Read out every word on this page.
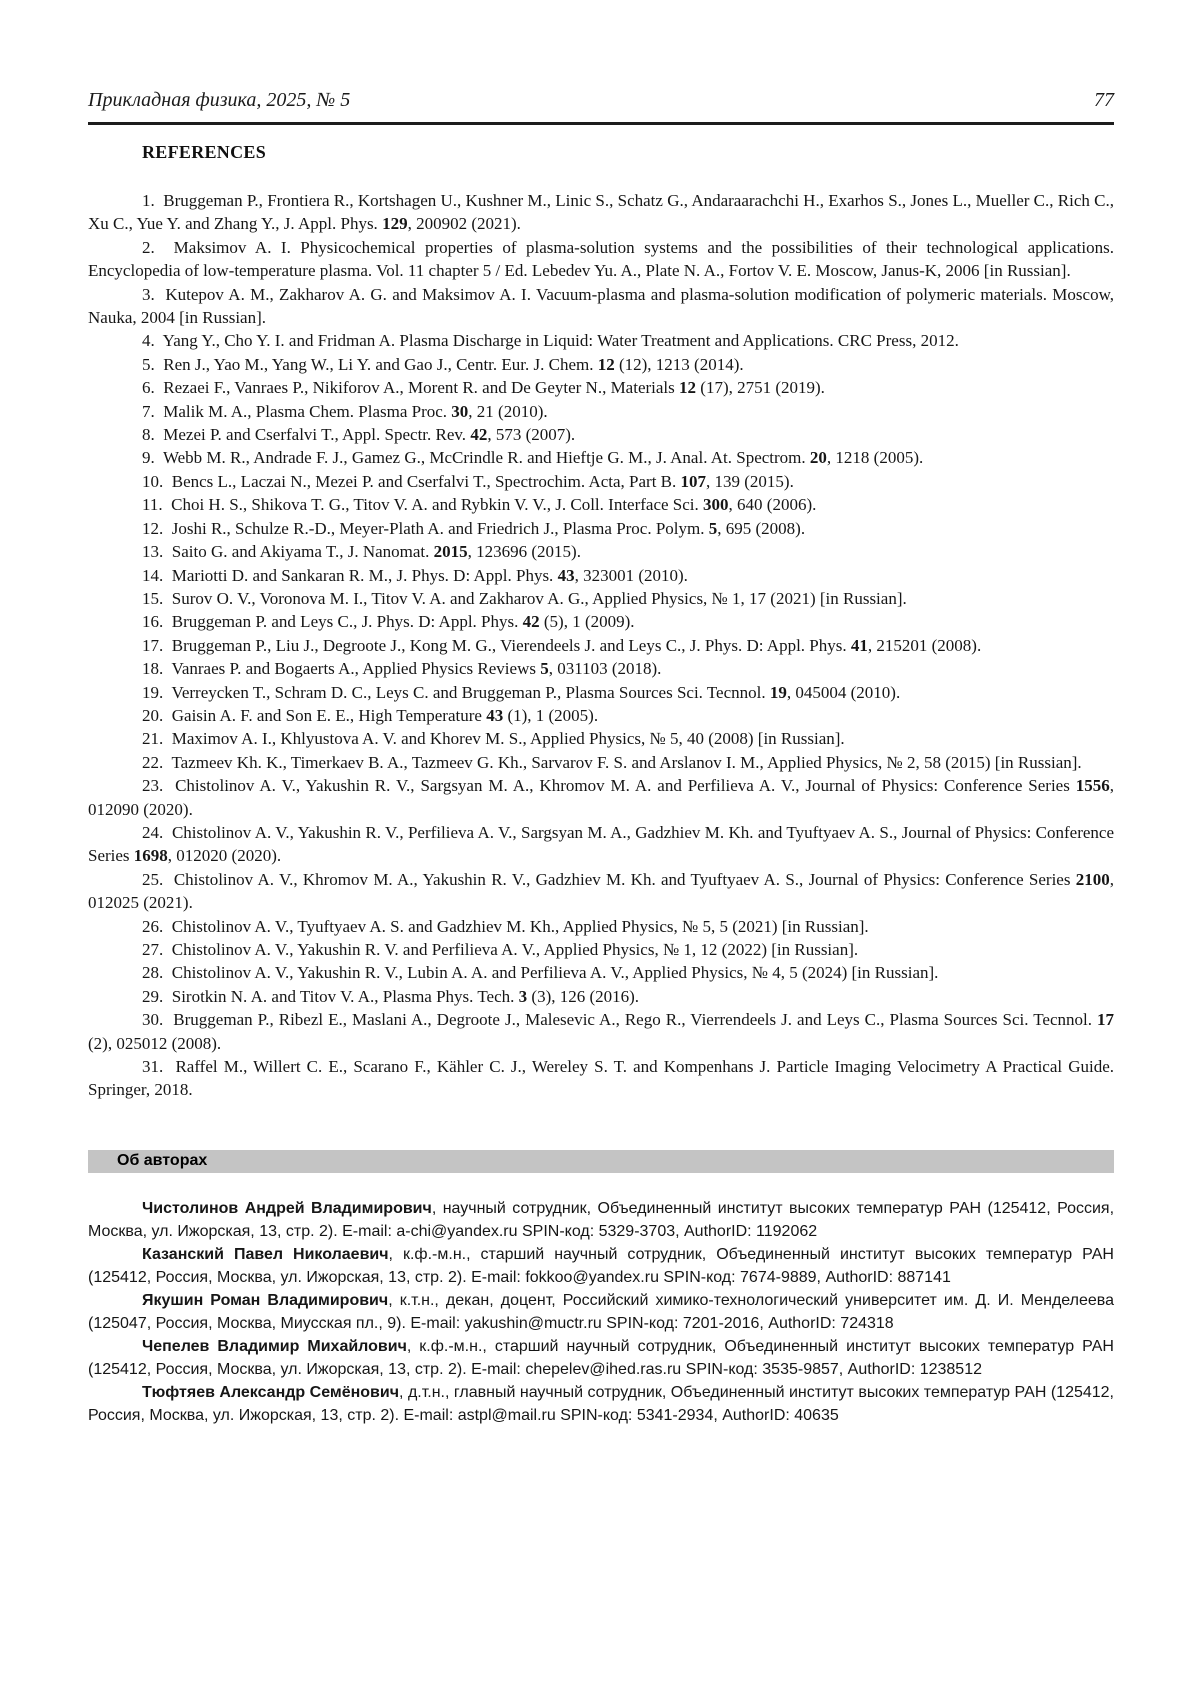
Прикладная физика, 2025, № 5	77
REFERENCES

1.  Bruggeman P., Frontiera R., Kortshagen U., Kushner M., Linic S., Schatz G., Andaraarachchi H., Exarhos S., Jones L., Mueller C., Rich C., Xu C., Yue Y. and Zhang Y., J. Appl. Phys. 129, 200902 (2021).

2.  Maksimov A. I. Physicochemical properties of plasma-solution systems and the possibilities of their technological applications. Encyclopedia of low-temperature plasma. Vol. 11 chapter 5 / Ed. Lebedev Yu. A., Plate N. A., Fortov V. E. Moscow, Janus-K, 2006 [in Russian].

3.  Kutepov A. M., Zakharov A. G. and Maksimov A. I. Vacuum-plasma and plasma-solution modification of polymeric materials. Moscow, Nauka, 2004 [in Russian].

4.  Yang Y., Cho Y. I. and Fridman A. Plasma Discharge in Liquid: Water Treatment and Applications. CRC Press, 2012.

5.  Ren J., Yao M., Yang W., Li Y. and Gao J., Centr. Eur. J. Chem. 12 (12), 1213 (2014).

6.  Rezaei F., Vanraes P., Nikiforov A., Morent R. and De Geyter N., Materials 12 (17), 2751 (2019).

7.  Malik M. A., Plasma Chem. Plasma Proc. 30, 21 (2010).

8.  Mezei P. and Cserfalvi T., Appl. Spectr. Rev. 42, 573 (2007).

9.  Webb M. R., Andrade F. J., Gamez G., McCrindle R. and Hieftje G. M., J. Anal. At. Spectrom. 20, 1218 (2005).

10.  Bencs L., Laczai N., Mezei P. and Cserfalvi T., Spectrochim. Acta, Part B. 107, 139 (2015).

11.  Choi H. S., Shikova T. G., Titov V. A. and Rybkin V. V., J. Coll. Interface Sci. 300, 640 (2006).

12.  Joshi R., Schulze R.-D., Meyer-Plath A. and Friedrich J., Plasma Proc. Polym. 5, 695 (2008).

13.  Saito G. and Akiyama T., J. Nanomat. 2015, 123696 (2015).

14.  Mariotti D. and Sankaran R. M., J. Phys. D: Appl. Phys. 43, 323001 (2010).

15.  Surov O. V., Voronova M. I., Titov V. A. and Zakharov A. G., Applied Physics, № 1, 17 (2021) [in Russian].

16.  Bruggeman P. and Leys C., J. Phys. D: Appl. Phys. 42 (5), 1 (2009).

17.  Bruggeman P., Liu J., Degroote J., Kong M. G., Vierendeels J. and Leys C., J. Phys. D: Appl. Phys. 41, 215201 (2008).

18.  Vanraes P. and Bogaerts A., Applied Physics Reviews 5, 031103 (2018).

19.  Verreycken T., Schram D. C., Leys C. and Bruggeman P., Plasma Sources Sci. Tecnnol. 19, 045004 (2010).

20.  Gaisin A. F. and Son E. E., High Temperature 43 (1), 1 (2005).

21.  Maximov A. I., Khlyustova A. V. and Khorev M. S., Applied Physics, № 5, 40 (2008) [in Russian].

22.  Tazmeev Kh. K., Timerkaev B. A., Tazmeev G. Kh., Sarvarov F. S. and Arslanov I. M., Applied Physics, № 2, 58 (2015) [in Russian].

23.  Chistolinov A. V., Yakushin R. V., Sargsyan M. A., Khromov M. A. and Perfilieva A. V., Journal of Physics: Conference Series 1556, 012090 (2020).

24.  Chistolinov A. V., Yakushin R. V., Perfilieva A. V., Sargsyan M. A., Gadzhiev M. Kh. and Tyuftyaev A. S., Journal of Physics: Conference Series 1698, 012020 (2020).

25.  Chistolinov A. V., Khromov M. A., Yakushin R. V., Gadzhiev M. Kh. and Tyuftyaev A. S., Journal of Physics: Conference Series 2100, 012025 (2021).

26.  Chistolinov A. V., Tyuftyaev A. S. and Gadzhiev M. Kh., Applied Physics, № 5, 5 (2021) [in Russian].

27.  Chistolinov A. V., Yakushin R. V. and Perfilieva A. V., Applied Physics, № 1, 12 (2022) [in Russian].

28.  Chistolinov A. V., Yakushin R. V., Lubin A. A. and Perfilieva A. V., Applied Physics, № 4, 5 (2024) [in Russian].

29.  Sirotkin N. A. and Titov V. A., Plasma Phys. Tech. 3 (3), 126 (2016).

30.  Bruggeman P., Ribezl E., Maslani A., Degroote J., Malesevic A., Rego R., Vierrendeels J. and Leys C., Plasma Sources Sci. Tecnnol. 17 (2), 025012 (2008).

31.  Raffel M., Willert C. E., Scarano F., Kähler C. J., Wereley S. T. and Kompenhans J. Particle Imaging Velocimetry A Practical Guide. Springer, 2018.

Об авторах

Чистолинов Андрей Владимирович, научный сотрудник, Объединенный институт высоких температур РАН (125412, Россия, Москва, ул. Ижорская, 13, стр. 2). E-mail: a-chi@yandex.ru SPIN-код: 5329-3703, AuthorID: 1192062

Казанский Павел Николаевич, к.ф.-м.н., старший научный сотрудник, Объединенный институт высоких температур РАН (125412, Россия, Москва, ул. Ижорская, 13, стр. 2). E-mail: fokkoo@yandex.ru SPIN-код: 7674-9889, AuthorID: 887141

Якушин Роман Владимирович, к.т.н., декан, доцент, Российский химико-технологический университет им. Д. И. Менделеева (125047, Россия, Москва, Миусская пл., 9). E-mail: yakushin@muctr.ru SPIN-код: 7201-2016, AuthorID: 724318

Чепелев Владимир Михайлович, к.ф.-м.н., старший научный сотрудник, Объединенный институт высоких температур РАН (125412, Россия, Москва, ул. Ижорская, 13, стр. 2). E-mail: chepelev@ihed.ras.ru SPIN-код: 3535-9857, AuthorID: 1238512

Тюфтяев Александр Семёнович, д.т.н., главный научный сотрудник, Объединенный институт высоких температур РАН (125412, Россия, Москва, ул. Ижорская, 13, стр. 2). E-mail: astpl@mail.ru SPIN-код: 5341-2934, AuthorID: 40635
